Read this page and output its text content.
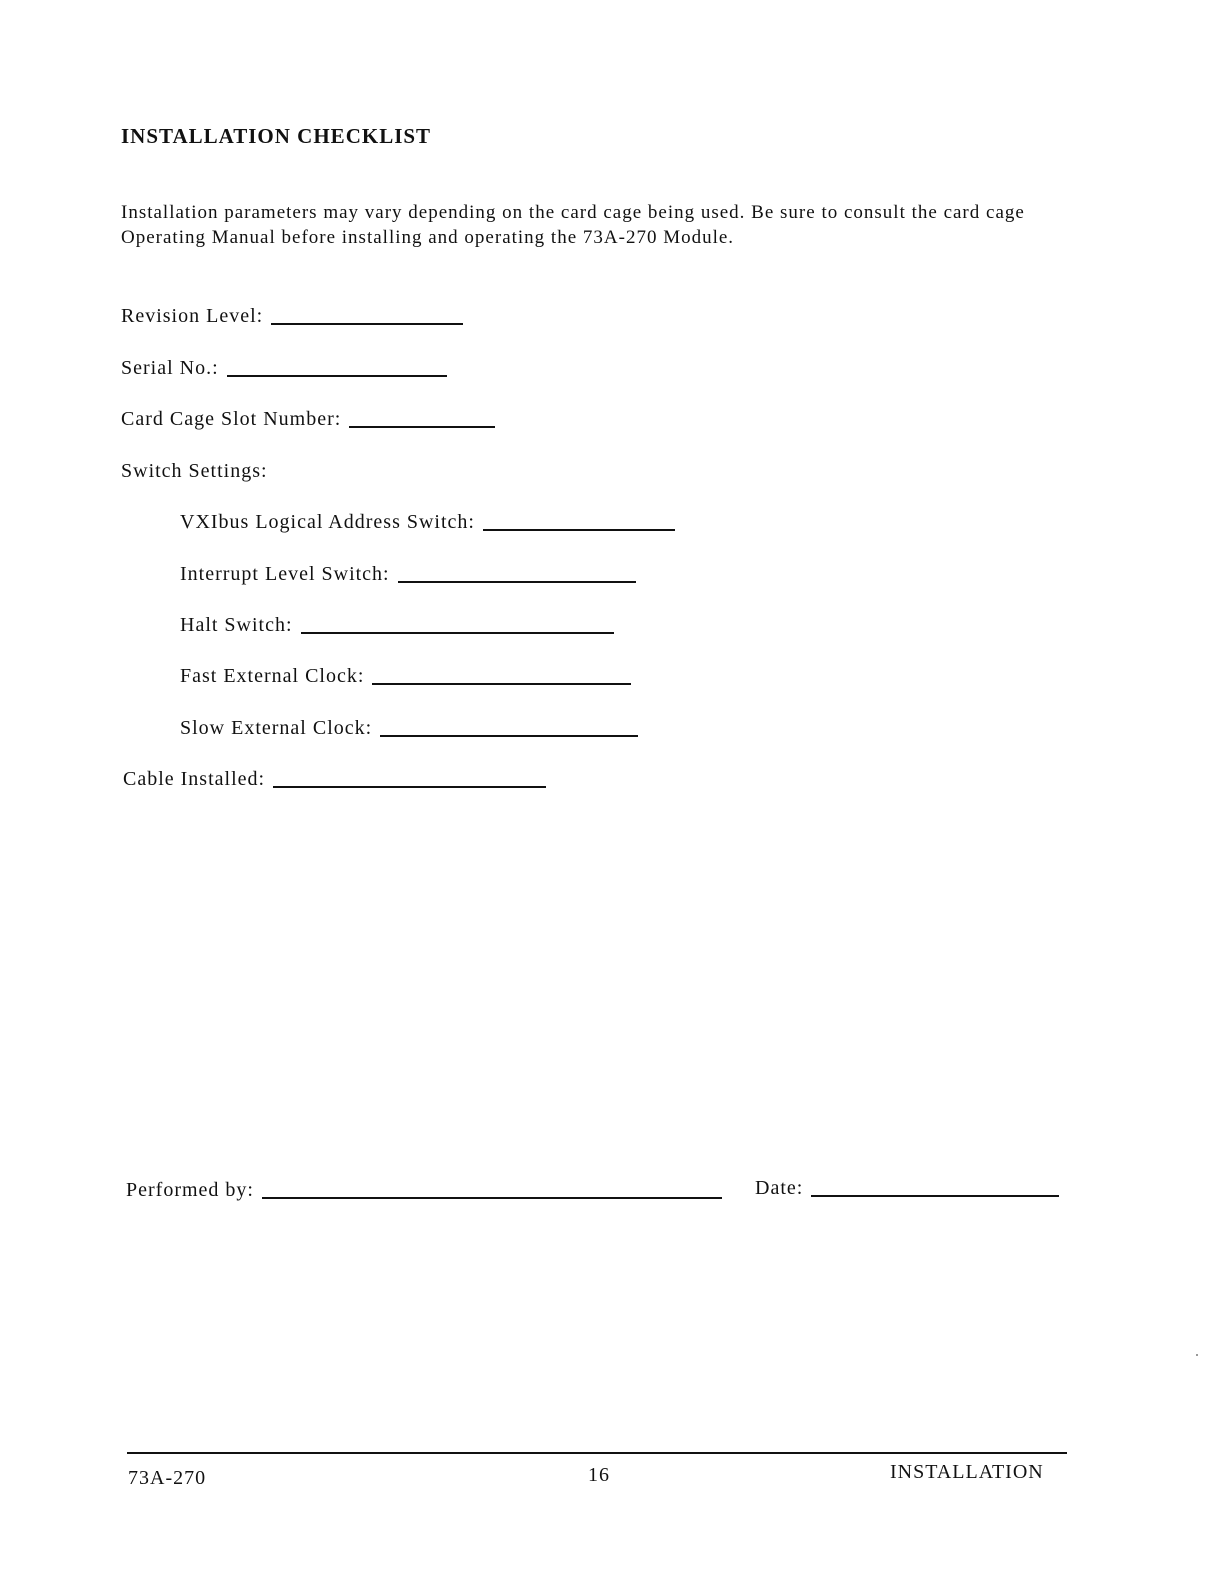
INSTALLATION CHECKLIST
Installation parameters may vary depending on the card cage being used. Be sure to consult the card cage Operating Manual before installing and operating the 73A-270 Module.
Revision Level:
Serial No.:
Card Cage Slot Number:
Switch Settings:
VXIbus Logical Address Switch:
Interrupt Level Switch:
Halt Switch:
Fast External Clock:
Slow External Clock:
Cable Installed:
Performed by:	Date:
73A-270	16	INSTALLATION
